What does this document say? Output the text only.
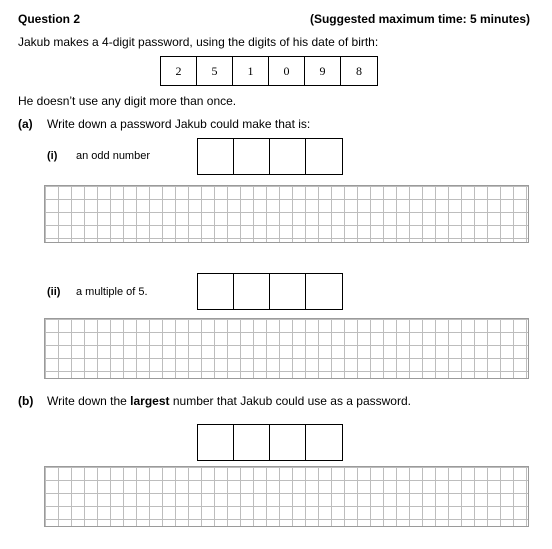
Question 2	(Suggested maximum time: 5 minutes)
Jakub makes a 4-digit password, using the digits of his date of birth:
2	5	1	0	9	8
He doesn’t use any digit more than once.
(a) Write down a password Jakub could make that is:
(i) an odd number
(ii) a multiple of 5.
(b) Write down the largest number that Jakub could use as a password.
